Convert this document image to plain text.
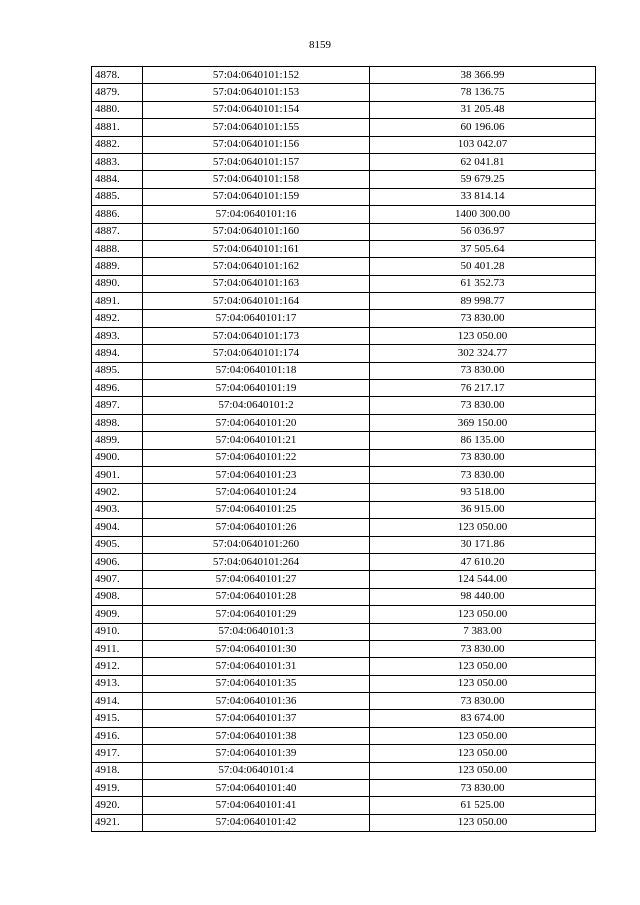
8159
4878.	57:04:0640101:152	38 366.99
4879.	57:04:0640101:153	78 136.75
4880.	57:04:0640101:154	31 205.48
4881.	57:04:0640101:155	60 196.06
4882.	57:04:0640101:156	103 042.07
4883.	57:04:0640101:157	62 041.81
4884.	57:04:0640101:158	59 679.25
4885.	57:04:0640101:159	33 814.14
4886.	57:04:0640101:16	1400 300.00
4887.	57:04:0640101:160	56 036.97
4888.	57:04:0640101:161	37 505.64
4889.	57:04:0640101:162	50 401.28
4890.	57:04:0640101:163	61 352.73
4891.	57:04:0640101:164	89 998.77
4892.	57:04:0640101:17	73 830.00
4893.	57:04:0640101:173	123 050.00
4894.	57:04:0640101:174	302 324.77
4895.	57:04:0640101:18	73 830.00
4896.	57:04:0640101:19	76 217.17
4897.	57:04:0640101:2	73 830.00
4898.	57:04:0640101:20	369 150.00
4899.	57:04:0640101:21	86 135.00
4900.	57:04:0640101:22	73 830.00
4901.	57:04:0640101:23	73 830.00
4902.	57:04:0640101:24	93 518.00
4903.	57:04:0640101:25	36 915.00
4904.	57:04:0640101:26	123 050.00
4905.	57:04:0640101:260	30 171.86
4906.	57:04:0640101:264	47 610.20
4907.	57:04:0640101:27	124 544.00
4908.	57:04:0640101:28	98 440.00
4909.	57:04:0640101:29	123 050.00
4910.	57:04:0640101:3	7 383.00
4911.	57:04:0640101:30	73 830.00
4912.	57:04:0640101:31	123 050.00
4913.	57:04:0640101:35	123 050.00
4914.	57:04:0640101:36	73 830.00
4915.	57:04:0640101:37	83 674.00
4916.	57:04:0640101:38	123 050.00
4917.	57:04:0640101:39	123 050.00
4918.	57:04:0640101:4	123 050.00
4919.	57:04:0640101:40	73 830.00
4920.	57:04:0640101:41	61 525.00
4921.	57:04:0640101:42	123 050.00
